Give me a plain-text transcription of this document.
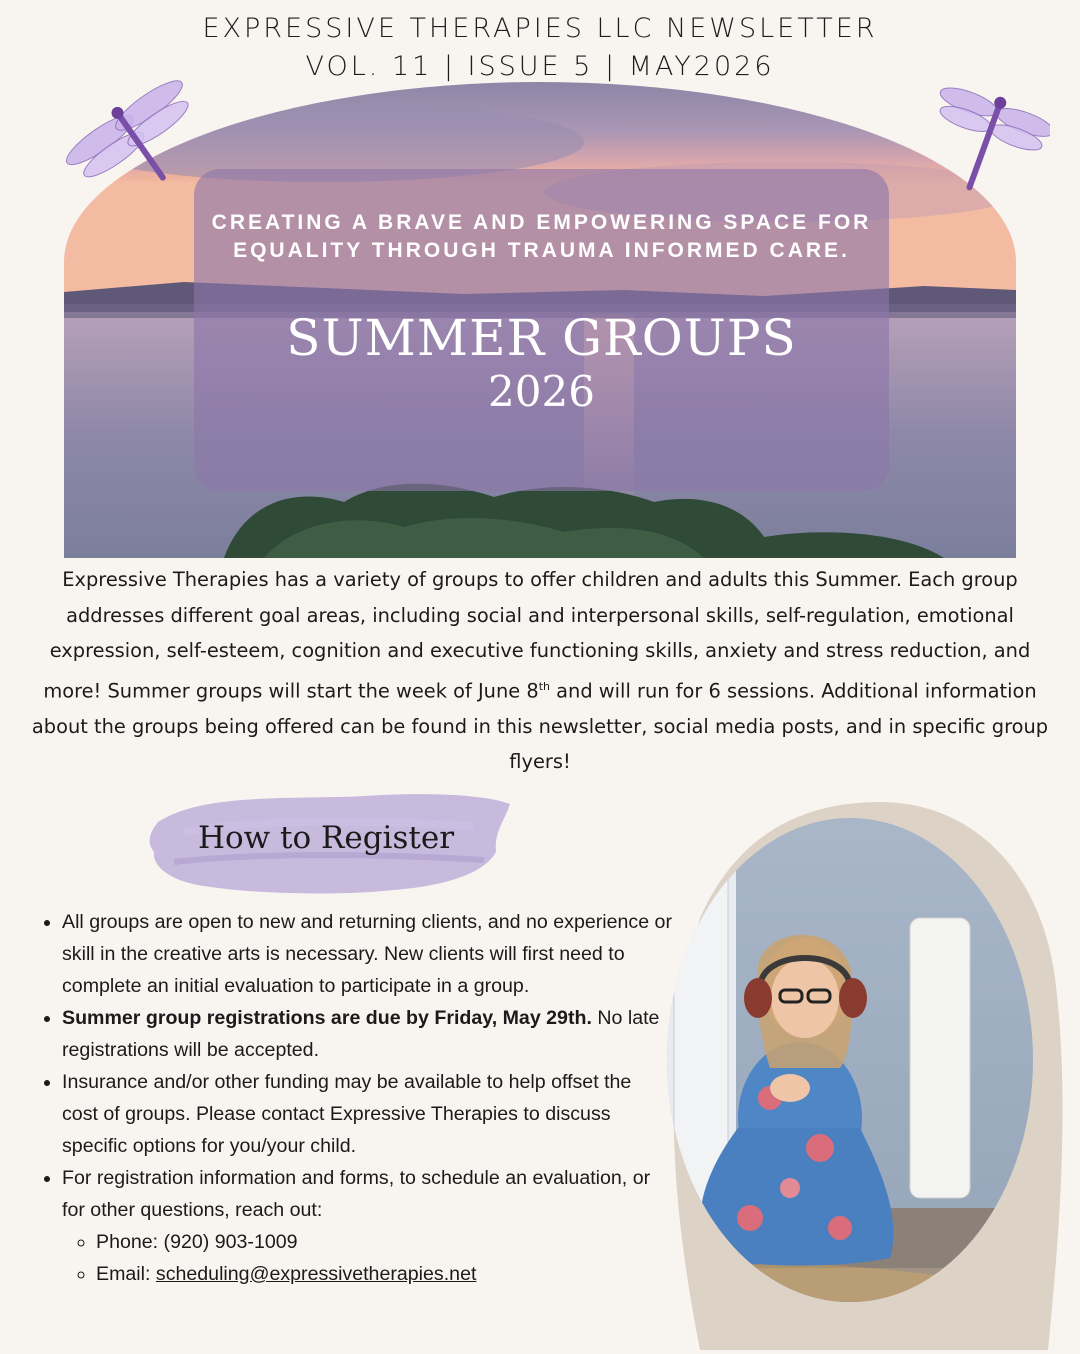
EXPRESSIVE THERAPIES LLC NEWSLETTER
VOL. 11 | ISSUE 5 | MAY2026
CREATING A BRAVE AND EMPOWERING SPACE FOR
EQUALITY THROUGH TRAUMA INFORMED CARE.
SUMMER GROUPS
2026

Expressive Therapies has a variety of groups to offer children and adults this Summer. Each group addresses different goal areas, including social and interpersonal skills, self-regulation, emotional expression, self-esteem, cognition and executive functioning skills, anxiety and stress reduction, and more! Summer groups will start the week of June 8th and will run for 6 sessions. Additional information about the groups being offered can be found in this newsletter, social media posts, and in specific group flyers!

How to Register
• All groups are open to new and returning clients, and no experience or skill in the creative arts is necessary. New clients will first need to complete an initial evaluation to participate in a group.
• Summer group registrations are due by Friday, May 29th. No late registrations will be accepted.
• Insurance and/or other funding may be available to help offset the cost of groups. Please contact Expressive Therapies to discuss specific options for you/your child.
• For registration information and forms, to schedule an evaluation, or for other questions, reach out:
◦ Phone: (920) 903-1009
◦ Email: scheduling@expressivetherapies.net
